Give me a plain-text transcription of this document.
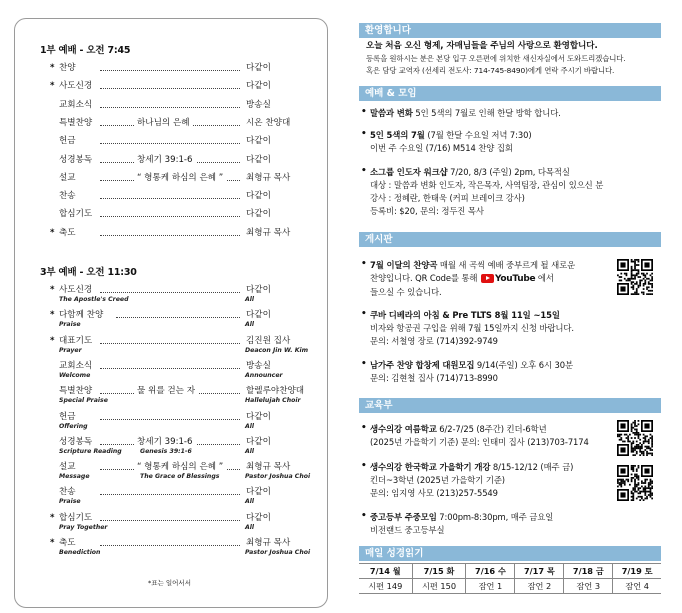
1부 예배 - 오전 7:45
* 찬양	다같이
* 사도신경	다같이
교회소식	방송실
특별찬양	하나님의 은혜	시온 찬양대
헌금	다같이
성경봉독	창세기 39:1-6	다같이
설교	“ 형통케 하심의 은혜 ”	최형규 목사
찬송	다같이
합심기도	다같이
* 축도	최형규 목사
3부 예배 - 오전 11:30
* 사도신경	다같이
The Apostle's Creed	All
* 다함께 찬양	다같이
Praise	All
* 대표기도	김진원 집사
Prayer	Deacon Jin W. Kim
교회소식	방송실
Welcome	Announcer
특별찬양	물 위를 걷는 자	할렐루야찬양대
Special Praise	Hallelujah Choir
헌금	다같이
Offering	All
성경봉독	창세기 39:1-6	다같이
Scripture Reading	Genesis 39:1-6	All
설교	“ 형통케 하심의 은혜 ”	최형규 목사
Message	The Grace of Blessings	Pastor Joshua Choi
찬송	다같이
Praise	All
* 합심기도	다같이
Pray Together	All
* 축도	최형규 목사
Benediction	Pastor Joshua Choi
*표는 일어서서
환영합니다
오늘 처음 오신 형제, 자매님들을 주님의 사랑으로 환영합니다.
등록을 원하시는 분은 본당 입구 오른편에 위치한 새신자실에서 도와드리겠습니다.
혹은 담당 교역자 (선세리 전도사: 714-745-8490)에게 연락 주시기 바랍니다.
예배 & 모임
• 말씀과 변화 5인 5색의 7월로 인해 한달 방학 합니다.
• 5인 5색의 7월 (7월 한달 수요일 저녁 7:30)
이번 주 수요일 (7/16) M514 찬양 집회
• 소그룹 인도자 워크샵 7/20, 8/3 (주일) 2pm, 다목적실
대상 : 말씀과 변화 인도자, 작은목자, 사역팀장, 관심이 있으신 분
강사 : 정혜란, 한태욱 (커피 브레이크 강사)
등록비: $20, 문의: 정두진 목사
게시판
• 7월 이달의 찬양곡 매월 새 곡씩 예배 중부르게 될 새로운
찬양입니다. QR Code를 통해 YouTube 에서
들으실 수 있습니다.
• 쿠바 디베라의 아침 & Pre TLTS 8월 11일 ~15일
비자와 항공권 구입을 위해 7월 15일까지 신청 바랍니다.
문의: 서철영 장로 (714)392-9749
• 남가주 찬양 합창제 대원모집 9/14(주일) 오후 6시 30분
문의: 김현철 집사 (714)713-8990
교육부
• 생수의강 여름학교 6/2-7/25 (8주간) 킨더-6학년
(2025년 가을학기 기준) 문의: 인태미 집사 (213)703-7174
• 생수의강 한국학교 가을학기 개강 8/15-12/12 (매주 금)
킨더~3학년 (2025년 가을학기 기준)
문의: 임지영 사모 (213)257-5549
• 중고등부 주중모임 7:00pm-8:30pm, 매주 금요일
비전랜드 중고등부실
매일 성경읽기
7/14 월	7/15 화	7/16 수	7/17 목	7/18 금	7/19 토
시편 149	시편 150	잠언 1	잠언 2	잠언 3	잠언 4
